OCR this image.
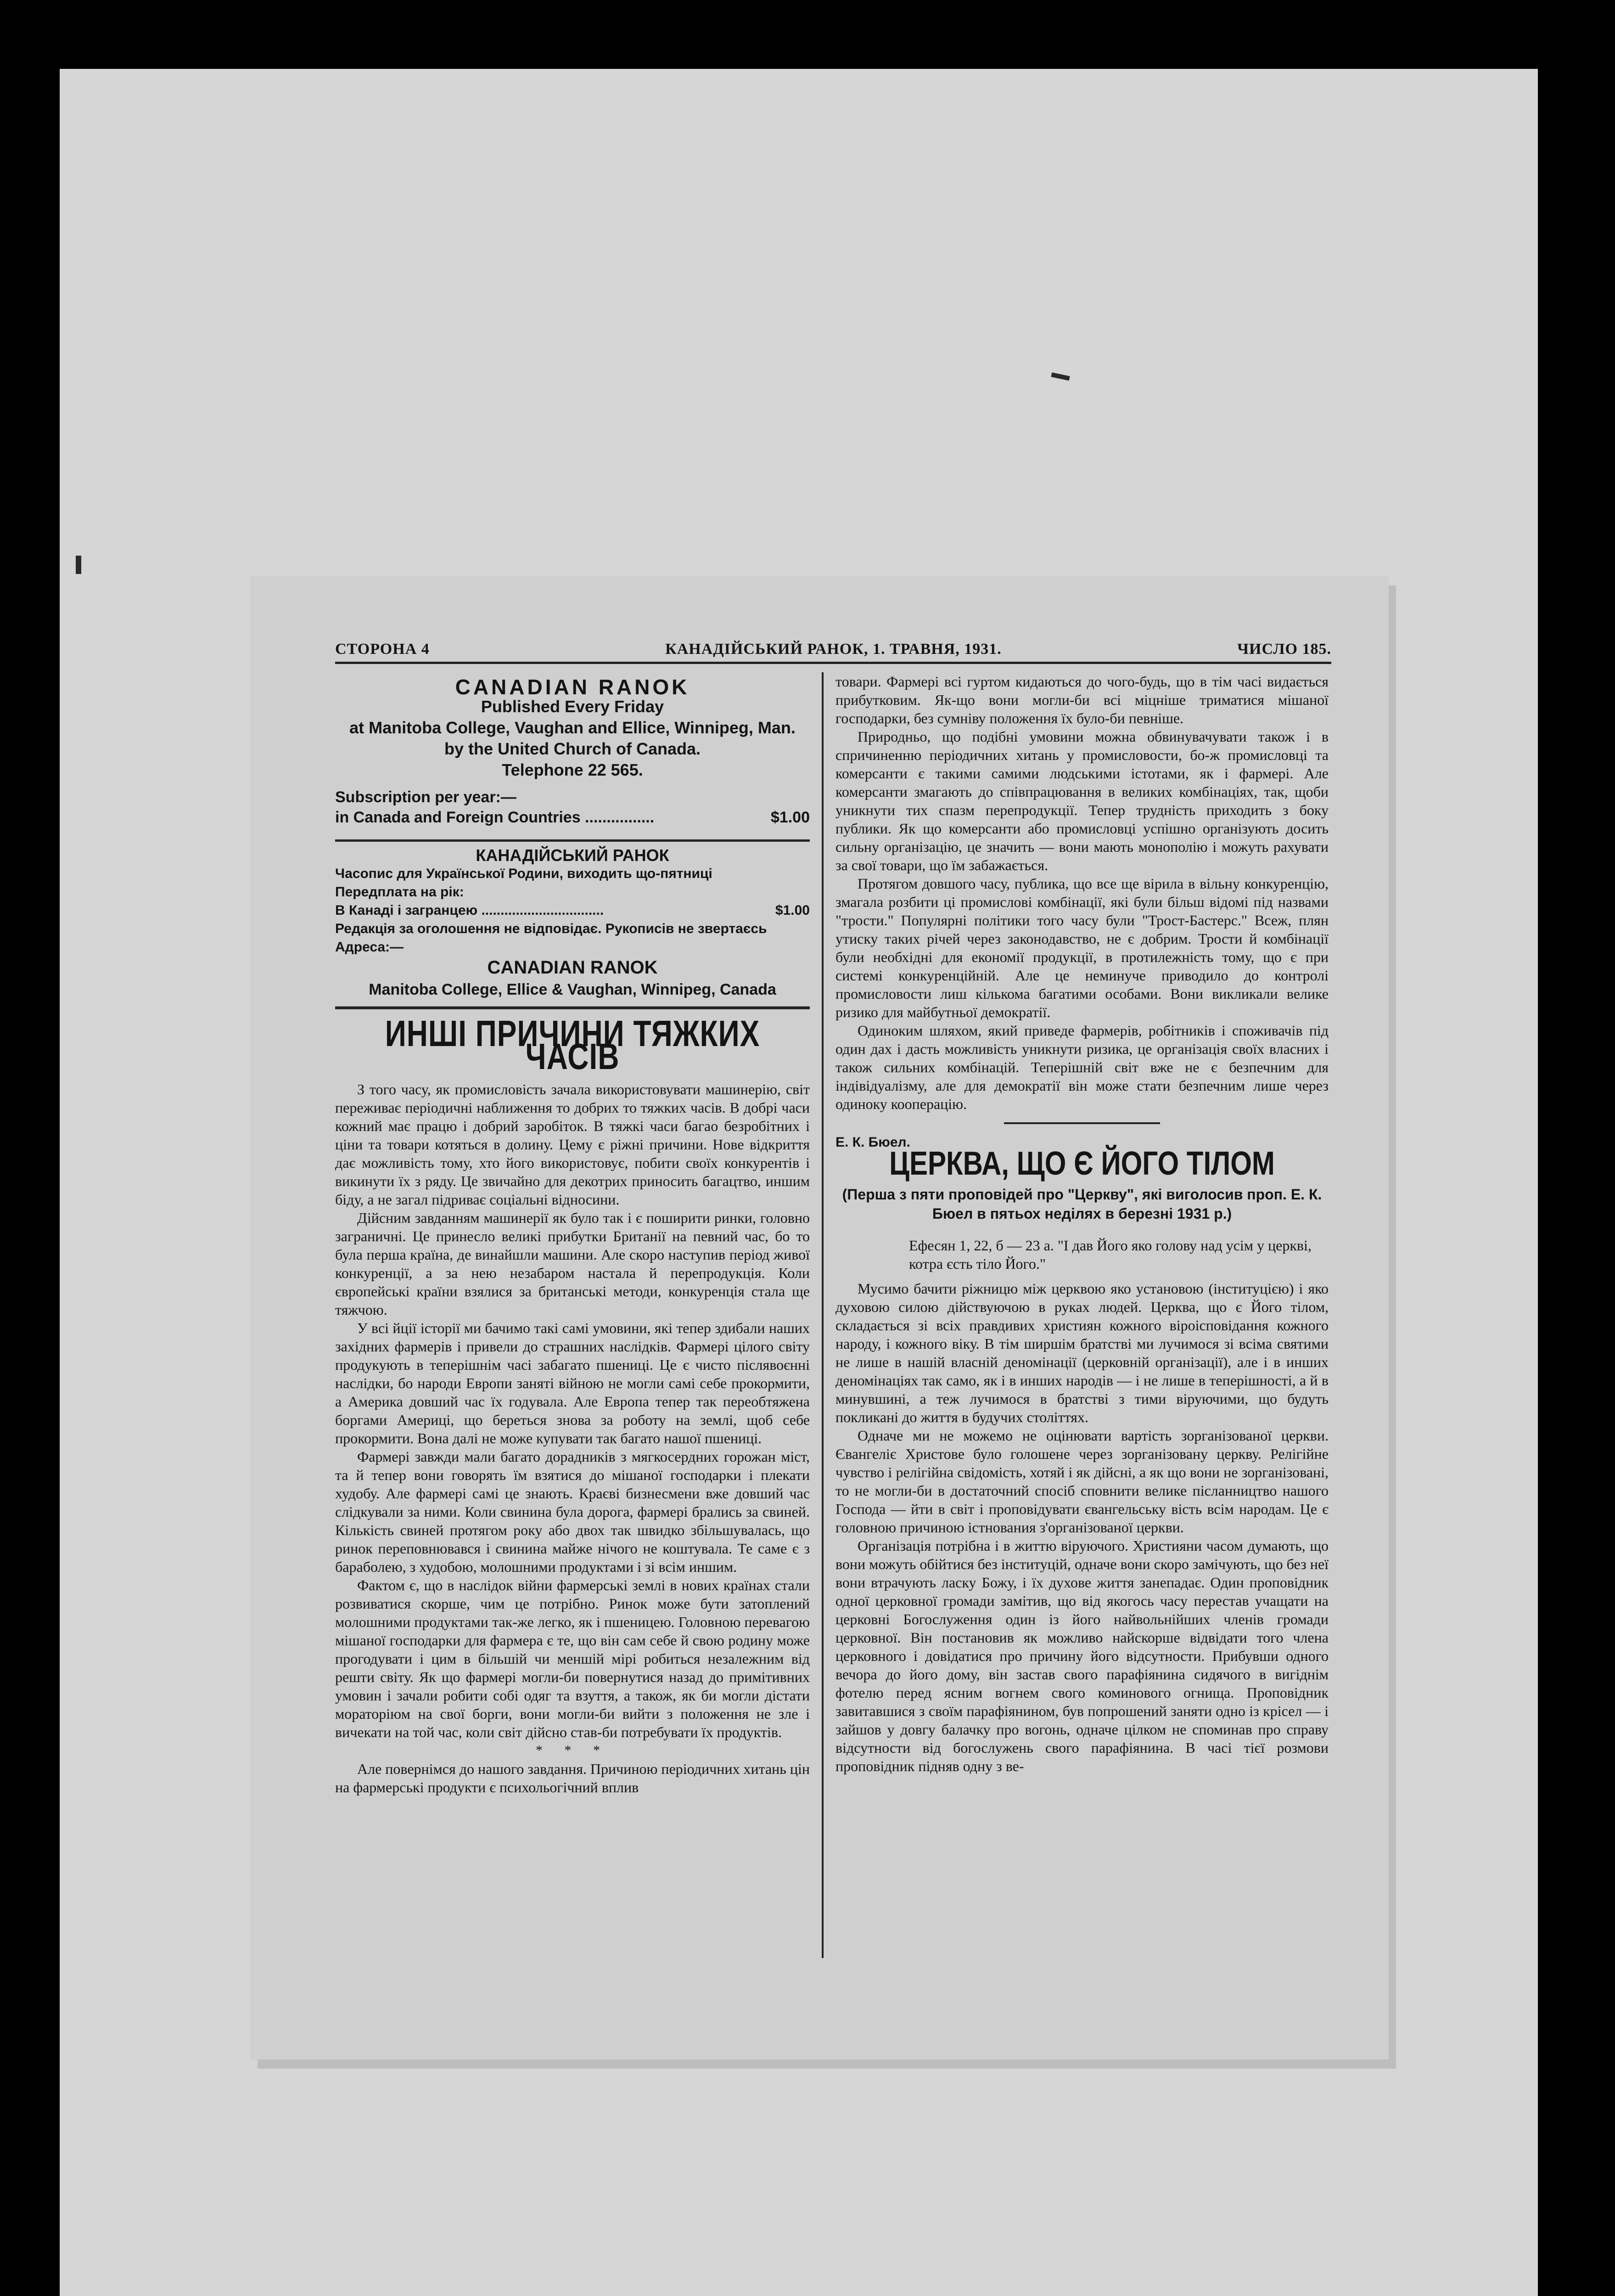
СТОРОНА 4	КАНАДІЙСЬКИЙ РАНОК, 1. ТРАВНЯ, 1931.	ЧИСЛО 185.
CANADIAN RANOK
Published Every Friday
at Manitoba College, Vaughan and Ellice, Winnipeg, Man.
by the United Church of Canada.
Telephone 22 565.
Subscription per year:—
in Canada and Foreign Countries ................	$1.00
КАНАДІЙСЬКИЙ РАНОК
Часопис для Української Родини, виходить що-пятниці
Передплата на рік:
В Канаді і загранцею ................................	$1.00
Редакція за оголошення не відповідає. Рукописів не звертаєсь
Адреса:—
CANADIAN RANOK
Manitoba College, Ellice & Vaughan, Winnipeg, Canada
ИНШІ ПРИЧИНИ ТЯЖКИХ ЧАСІВ

З того часу, як промисловість зачала використовувати машинерію, світ переживає періодичні наближення то добрих то тяжких часів. В добрі часи кожний має працю і добрий заробіток. В тяжкі часи багао безробітних і ціни та товари котяться в долину. Цему є ріжні причини. Нове відкриття дає можливість тому, хто його використовує, побити своїх конкурентів і викинути їх з ряду. Це звичайно для декотрих приносить багацтво, иншим біду, а не загал підриває соціальні відносини.

Дійсним завданням машинерії як було так і є поширити ринки, головно заграничні. Це принесло великі прибутки Британії на певний час, бо то була перша країна, де винайшли машини. Але скоро наступив період живої конкуренції, а за нею незабаром настала й перепродукція. Коли європейські країни взялися за британські методи, конкуренція стала ще тяжчою.

У всі йції історії ми бачимо такі самі умовини, які тепер здибали наших західних фармерів і привели до страшних наслідків. Фармері цілого світу продукують в теперішнім часі забагато пшениці. Це є чисто післявоєнні наслідки, бо народи Европи заняті війною не могли самі себе прокормити, а Америка довший час їх годувала. Але Европа тепер так переобтяжена боргами Америці, що береться знова за роботу на землі, щоб себе прокормити. Вона далі не може купувати так багато нашої пшениці.

Фармері завжди мали багато дорадників з мягкосердних горожан міст, та й тепер вони говорять їм взятися до мішаної господарки і плекати худобу. Але фармері самі це знають. Краєві бизнесмени вже довший час слідкували за ними. Коли свинина була дорога, фармері брались за свиней. Кількість свиней протягом року або двох так швидко збільшувалась, що ринок переповнювався і свинина майже нічого не коштувала. Те саме є з бараболею, з худобою, молошними продуктами і зі всім иншим.

Фактом є, що в наслідок війни фармерські землі в нових країнах стали розвиватися скорше, чим це потрібно. Ринок може бути затоплений молошними продуктами так-же легко, як і пшеницею. Головною перевагою мішаної господарки для фармера є те, що він сам себе й свою родину може прогодувати і цим в більшій чи меншій мірі робиться незалежним від решти світу. Як що фармері могли-би повернутися назад до примітивних умовин і зачали робити собі одяг та взуття, а також, як би могли дістати мораторіюм на свої борги, вони могли-би вийти з положення не зле і вичекати на той час, коли світ дійсно став-би потребувати їх продуктів.

* * *

Але повернімся до нашого завдання. Причиною періодичних хитань цін на фармерські продукти є психольогічний вплив

товари. Фармері всі гуртом кидаються до чого-будь, що в тім часі видається прибутковим. Як-що вони могли-би всі міцніше триматися мішаної господарки, без сумніву положення їх було-би певніше.

Природньо, що подібні умовини можна обвинувачувати також і в спричиненню періодичних хитань у промисловости, бо-ж промисловці та комерсанти є такими самими людськими істотами, як і фармері. Але комерсанти змагають до співпрацювання в великих комбінаціях, так, щоби уникнути тих спазм перепродукції. Тепер трудність приходить з боку публики. Як що комерсанти або промисловці успішно організують досить сильну організацію, це значить — вони мають монополію і можуть рахувати за свої товари, що їм забажається.

Протягом довшого часу, публика, що все ще вірила в вільну конкуренцію, змагала розбити ці промислові комбінації, які були більш відомі під назвами "трости." Популярні політики того часу були "Трост-Бастерс." Всеж, плян утиску таких річей через законодавство, не є добрим. Трости й комбінації були необхідні для економії продукції, в протилежність тому, що є при системі конкуренційній. Але це неминуче приводило до контролі промисловости лиш кількома багатими особами. Вони викликали велике ризико для майбутньої демократії.

Одиноким шляхом, який приведе фармерів, робітників і споживачів під один дах і дасть можливість уникнути ризика, це організація своїх власних і також сильних комбінацій. Теперішній світ вже не є безпечним для індівідуалізму, але для демократії він може стати безпечним лише через одиноку кооперацію.

Е. К. Бюел.
ЦЕРКВА, ЩО Є ЙОГО ТІЛОМ
(Перша з пяти проповідей про "Церкву", які виголосив проп. Е. К. Бюел в пятьох неділях в березні 1931 р.)
Ефесян 1, 22, б — 23 а. "І дав Його яко голову над усім у церкві, котра єсть тіло Його."

Мусимо бачити ріжницю між церквою яко установою (інституцією) і яко духовою силою дійствуючою в руках людей. Церква, що є Його тілом, складається зі всіх правдивих християн кожного віроісповідання кожного народу, і кожного віку. В тім ширшім братстві ми лучимося зі всіма святими не лише в нашій власній деномінації (церковній організації), але і в инших деномінаціях так само, як і в инших народів — і не лише в теперішності, а й в минувшині, а теж лучимося в братстві з тими віруючими, що будуть покликані до життя в будучих століттях.

Одначе ми не можемо не оцінювати вартість зорганізованої церкви. Євангеліє Христове було голошене через зорганізовану церкву. Релігійне чувство і релігійна свідомість, хотяй і як дійсні, а як що вони не зорганізовані, то не могли-би в достаточний спосіб сповнити велике післанництво нашого Господа — йти в світ і проповідувати євангельську вість всім народам. Це є головною причиною істнования з'організованої церкви.

Організація потрібна і в життю віруючого. Християни часом думають, що вони можуть обійтися без інституцій, одначе вони скоро замічують, що без неї вони втрачують ласку Божу, і їх духове життя занепадає. Один проповідник одної церковної громади замітив, що від якогось часу перестав учащати на церковні Богослуження один із його найвольнійших членів громади церковної. Він постановив як можливо найскорше відвідати того члена церковного і довідатися про причину його відсутности. Прибувши одного вечора до його дому, він застав свого парафіянина сидячого в вигіднім фотелю перед ясним вогнем свого коминового огнища. Проповідник завитавшися з своїм парафіянином, був попрошений заняти одно із крісел — і зайшов у довгу балачку про вогонь, одначе цілком не споминав про справу відсутности від богослужень свого парафіянина. В часі тієї розмови проповідник підняв одну з ве-
